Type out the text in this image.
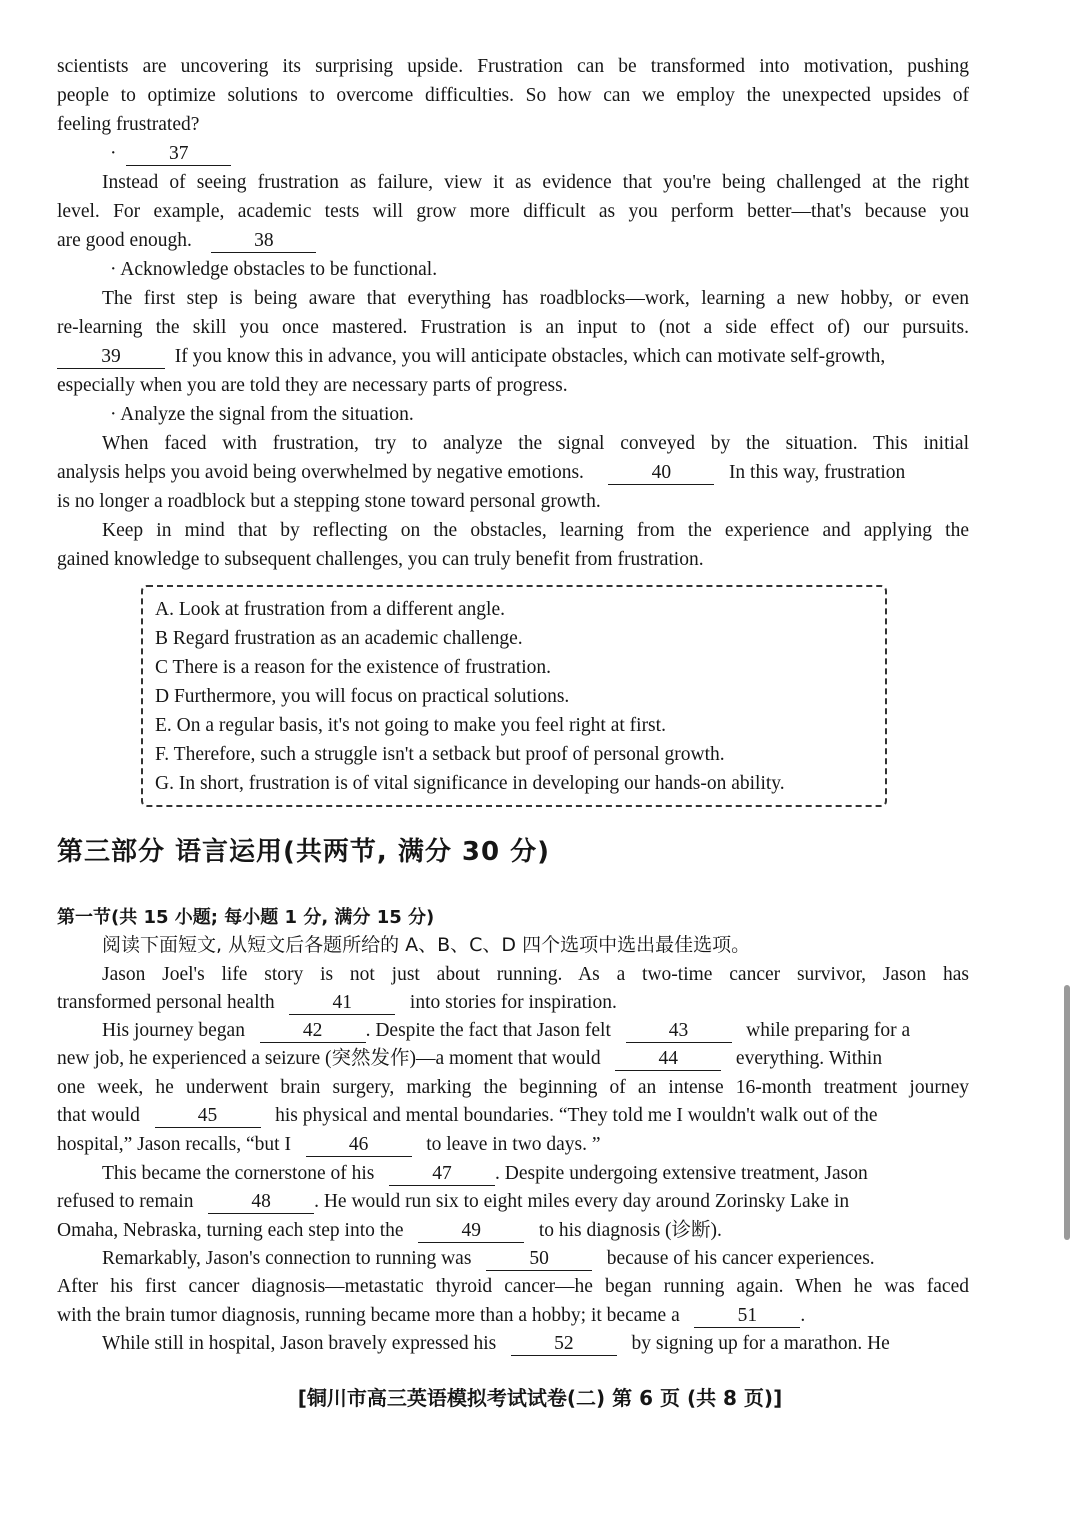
scientists are uncovering its surprising upside. Frustration can be transformed into motivation, pushing
people to optimize solutions to overcome difficulties. So how can we employ the unexpected upsides of
feeling frustrated?
·  37
Instead of seeing frustration as failure, view it as evidence that you're being challenged at the right
level. For example, academic tests will grow more difficult as you perform better—that's because you
are good enough.	38
· Acknowledge obstacles to be functional.
The first step is being aware that everything has roadblocks—work, learning a new hobby, or even
re-learning the skill you once mastered. Frustration is an input to (not a side effect of) our pursuits.
39	If you know this in advance, you will anticipate obstacles, which can motivate self-growth,
especially when you are told they are necessary parts of progress.
· Analyze the signal from the situation.
When faced with frustration, try to analyze the signal conveyed by the situation. This initial
analysis helps you avoid being overwhelmed by negative emotions.	40	In this way, frustration
is no longer a roadblock but a stepping stone toward personal growth.
Keep in mind that by reflecting on the obstacles, learning from the experience and applying the
gained knowledge to subsequent challenges, you can truly benefit from frustration.
A. Look at frustration from a different angle.
B Regard frustration as an academic challenge.
C There is a reason for the existence of frustration.
D Furthermore, you will focus on practical solutions.
E. On a regular basis, it's not going to make you feel right at first.
F. Therefore, such a struggle isn't a setback but proof of personal growth.
G. In short, frustration is of vital significance in developing our hands-on ability.
第三部分 语言运用(共两节, 满分 30 分)
第一节(共 15 小题; 每小题 1 分, 满分 15 分)
阅读下面短文, 从短文后各题所给的 A、B、C、D 四个选项中选出最佳选项。
Jason Joel's life story is not just about running. As a two-time cancer survivor, Jason has
transformed personal health	41	into stories for inspiration.
His journey began	42 . Despite the fact that Jason felt	43	while preparing for a
new job, he experienced a seizure (突然发作)—a moment that would	44	everything. Within
one week, he underwent brain surgery, marking the beginning of an intense 16-month treatment journey
that would	45	his physical and mental boundaries. “They told me I wouldn't walk out of the
hospital,” Jason recalls, “but I	46	to leave in two days. ”
This became the cornerstone of his	47 . Despite undergoing extensive treatment, Jason
refused to remain	48 . He would run six to eight miles every day around Zorinsky Lake in
Omaha, Nebraska, turning each step into the	49	to his diagnosis (诊断).
Remarkably, Jason's connection to running was	50	because of his cancer experiences.
After his first cancer diagnosis—metastatic thyroid cancer—he began running again. When he was faced
with the brain tumor diagnosis, running became more than a hobby; it became a	51 .
While still in hospital, Jason bravely expressed his	52	by signing up for a marathon. He
[铜川市高三英语模拟考试试卷(二) 第 6 页 (共 8 页)]
